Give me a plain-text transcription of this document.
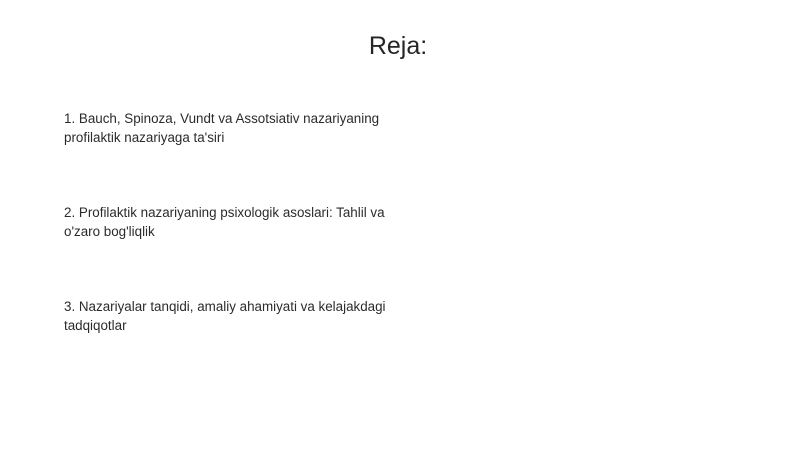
Reja:
1. Bauch, Spinoza, Vundt va Assotsiativ nazariyaning profilaktik nazariyaga ta'siri
2. Profilaktik nazariyaning psixologik asoslari: Tahlil va o'zaro bog'liqlik
3. Nazariyalar tanqidi, amaliy ahamiyati va kelajakdagi tadqiqotlar
